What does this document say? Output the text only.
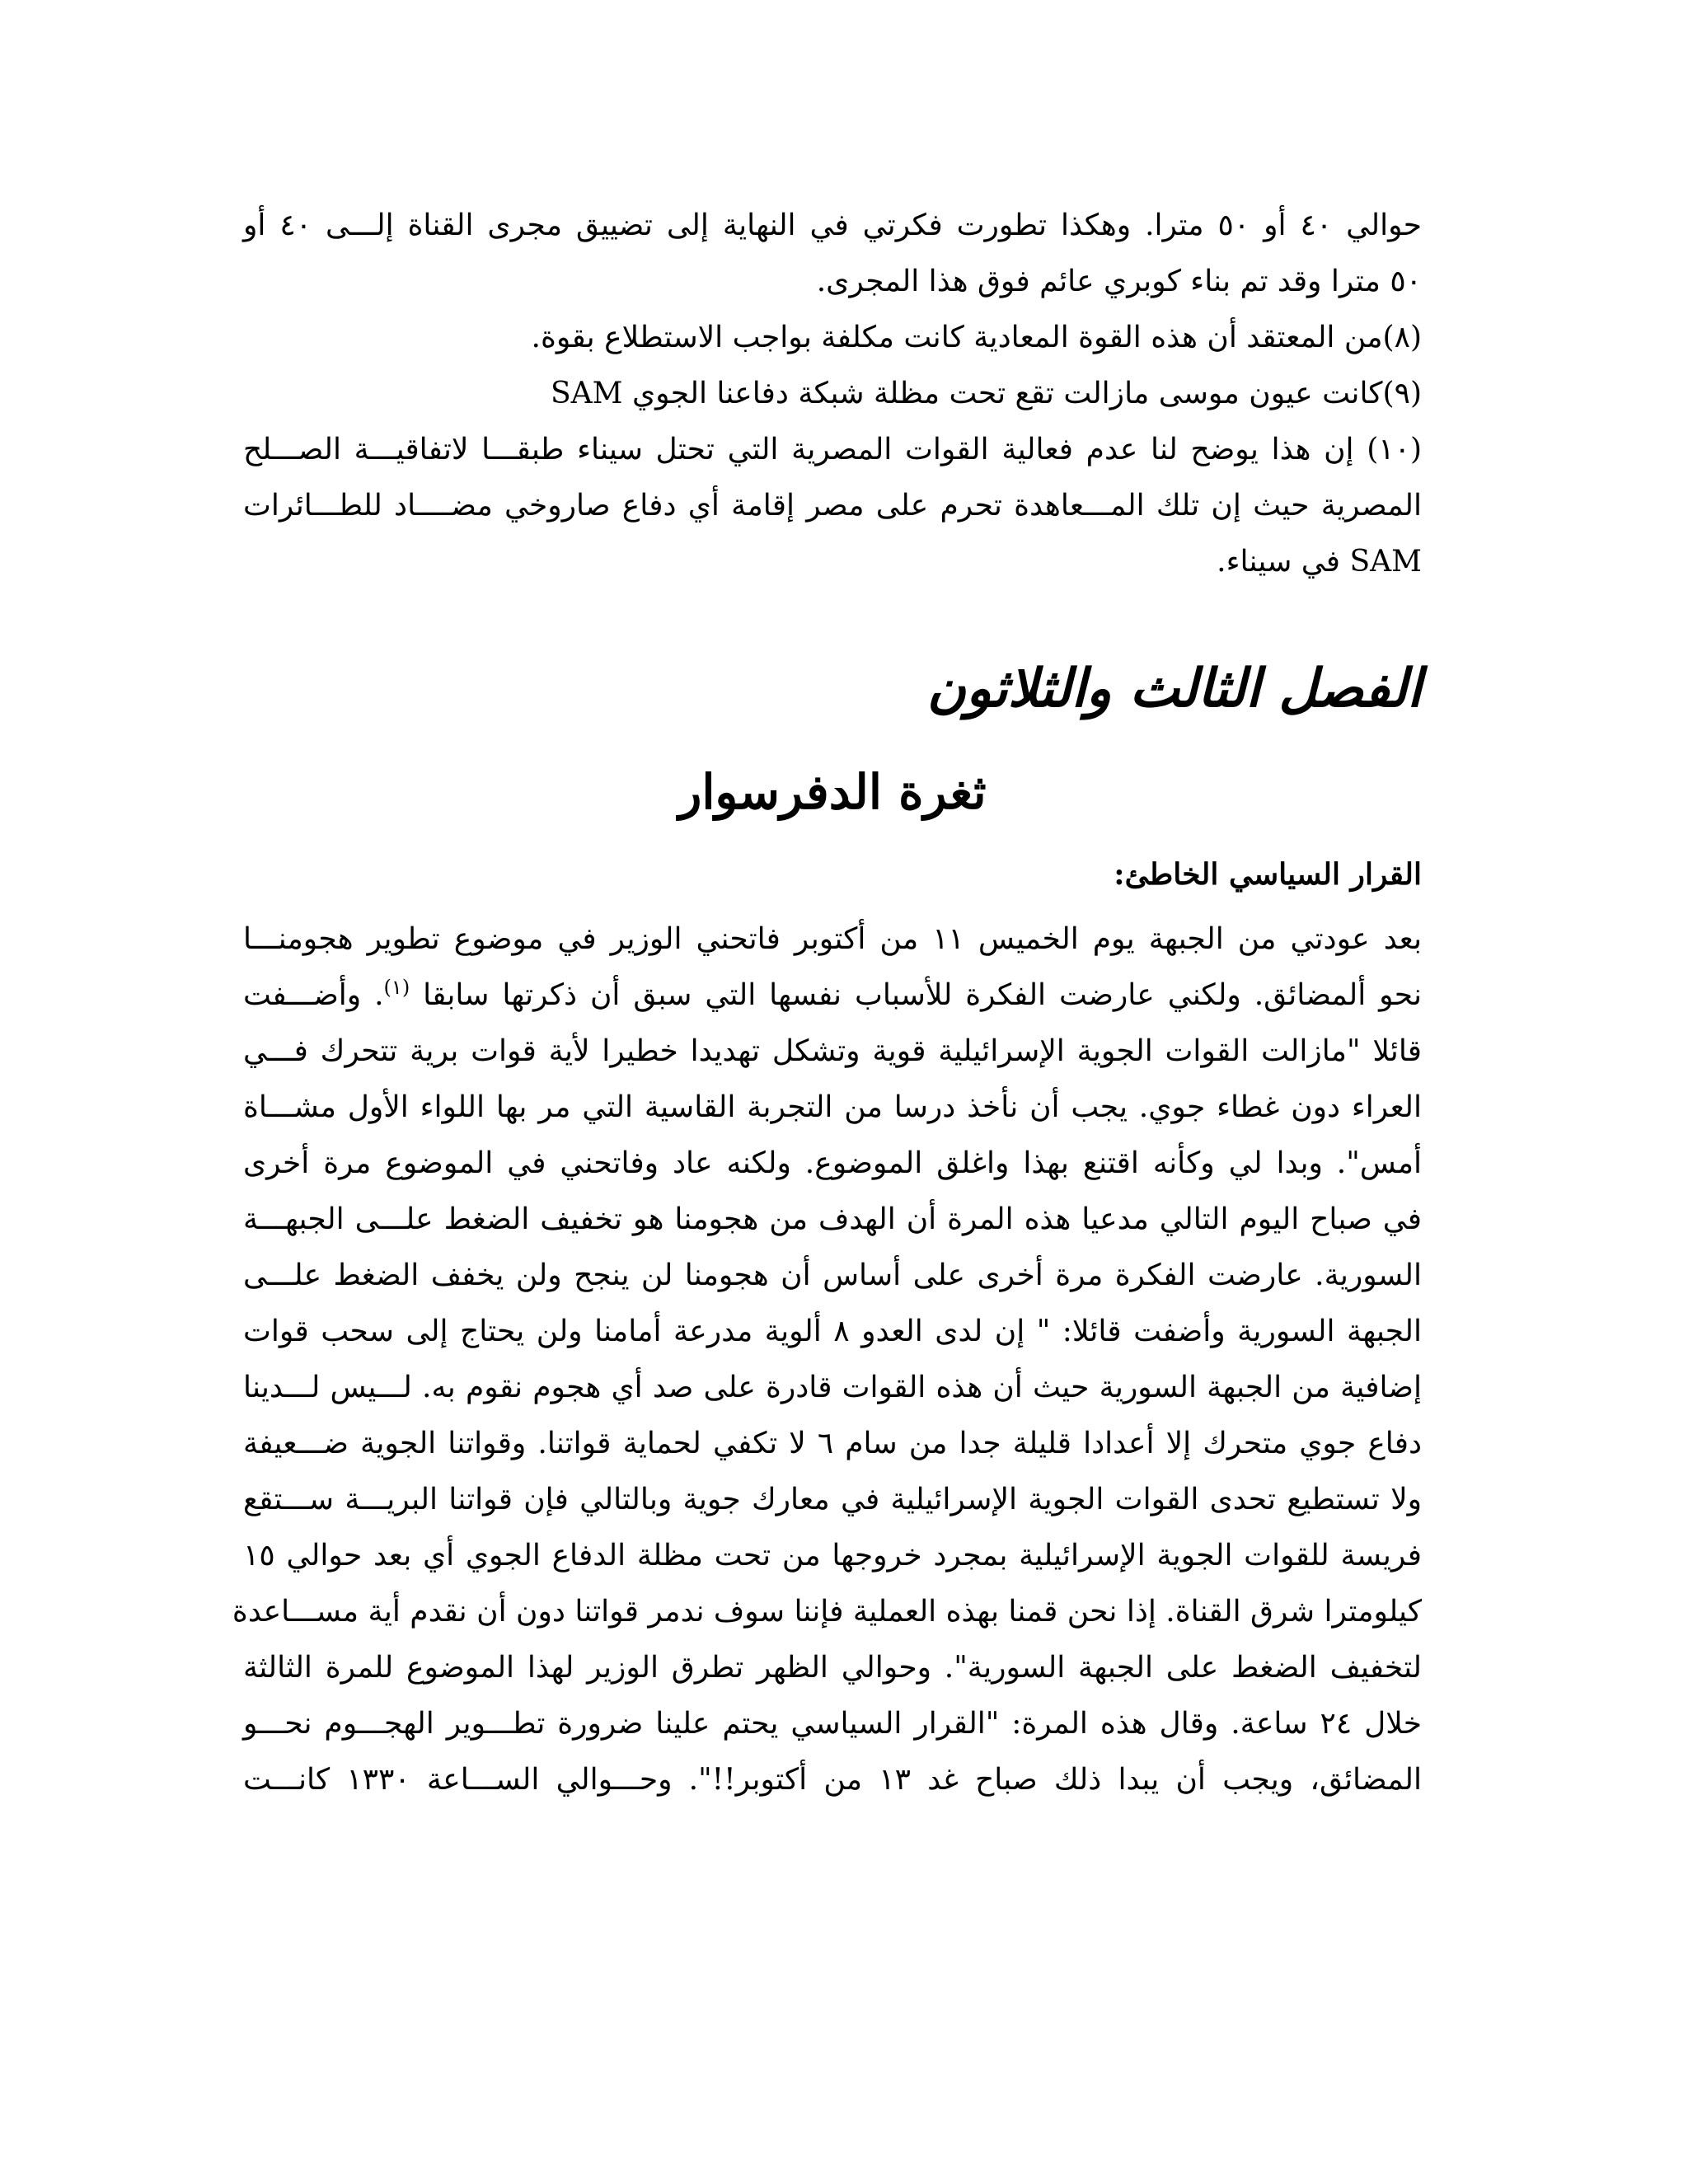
حوالي ٤٠ أو ٥٠ مترا. وهكذا تطورت فكرتي في النهاية إلى تضييق مجرى القناة إلـــى ٤٠ أو
٥٠ مترا وقد تم بناء كوبري عائم فوق هذا المجرى.
(٨)من المعتقد أن هذه القوة المعادية كانت مكلفة بواجب الاستطلاع بقوة.
(٩)كانت عيون موسى مازالت تقع تحت مظلة شبكة دفاعنا الجوي SAM
(١٠) إن هذا يوضح لنا عدم فعالية القوات المصرية التي تحتل سيناء طبقـــا لاتفاقيـــة الصـــلح
المصرية حيث إن تلك المـــعاهدة تحرم على مصر إقامة أي دفاع صاروخي مضــــاد للطـــائرات
SAM في سيناء.
الفصل الثالث والثلاثون
ثغرة الدفرسوار
القرار السياسي الخاطئ:
بعد عودتي من الجبهة يوم الخميس ١١ من أكتوبر فاتحني الوزير في موضوع تطوير هجومنـــا
نحو ألمضائق. ولكني عارضت الفكرة للأسباب نفسها التي سبق أن ذكرتها سابقا $^{(١)}$. وأضـــفت
قائلا "مازالت القوات الجوية الإسرائيلية قوية وتشكل تهديدا خطيرا لأية قوات برية تتحرك فـــي
العراء دون غطاء جوي. يجب أن نأخذ درسا من التجربة القاسية التي مر بها اللواء الأول مشـــاة
أمس". وبدا لي وكأنه اقتنع بهذا واغلق الموضوع. ولكنه عاد وفاتحني في الموضوع مرة أخرى
في صباح اليوم التالي مدعيا هذه المرة أن الهدف من هجومنا هو تخفيف الضغط علـــى الجبهـــة
السورية. عارضت الفكرة مرة أخرى على أساس أن هجومنا لن ينجح ولن يخفف الضغط علـــى
الجبهة السورية وأضفت قائلا: " إن لدى العدو ٨ ألوية مدرعة أمامنا ولن يحتاج إلى سحب قوات
إضافية من الجبهة السورية حيث أن هذه القوات قادرة على صد أي هجوم نقوم به. لـــيس لـــدينا
دفاع جوي متحرك إلا أعدادا قليلة جدا من سام ٦ لا تكفي لحماية قواتنا. وقواتنا الجوية ضـــعيفة
ولا تستطيع تحدى القوات الجوية الإسرائيلية في معارك جوية وبالتالي فإن قواتنا البريـــة ســـتقع
فريسة للقوات الجوية الإسرائيلية بمجرد خروجها من تحت مظلة الدفاع الجوي أي بعد حوالي ١٥
كيلومترا شرق القناة. إذا نحن قمنا بهذه العملية فإننا سوف ندمر قواتنا دون أن نقدم أية مســـاعدة
لتخفيف الضغط على الجبهة السورية". وحوالي الظهر تطرق الوزير لهذا الموضوع للمرة الثالثة
خلال ٢٤ ساعة. وقال هذه المرة: "القرار السياسي يحتم علينا ضرورة تطـــوير الهجـــوم نحـــو
المضائق، ويجب أن يبدا ذلك صباح غد ١٣ من أكتوبر!!". وحـــوالي الســـاعة ١٣٣٠ كانـــت
